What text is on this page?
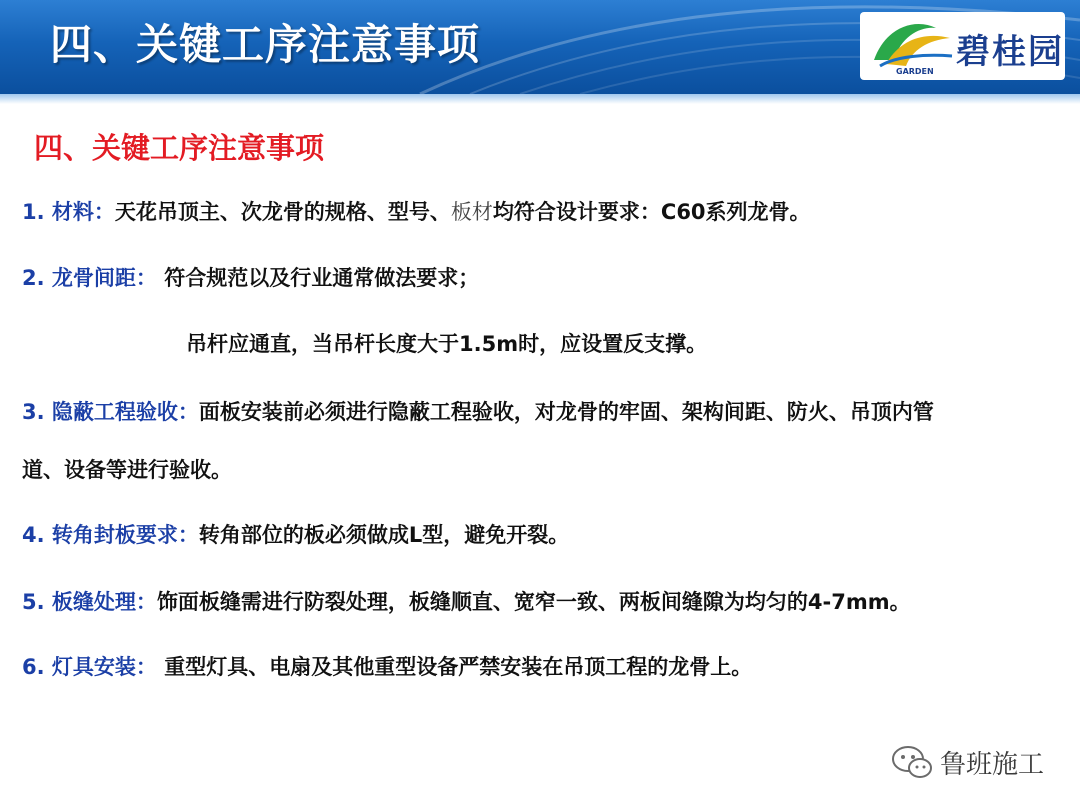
四、关键工序注意事项
GARDEN 碧桂园
四、关键工序注意事项
1. 材料：天花吊顶主、次龙骨的规格、型号、板材均符合设计要求：C60系列龙骨。
2. 龙骨间距： 符合规范以及行业通常做法要求；
吊杆应通直，当吊杆长度大于1.5m时，应设置反支撑。
3. 隐蔽工程验收：面板安装前必须进行隐蔽工程验收，对龙骨的牢固、架构间距、防火、吊顶内管
道、设备等进行验收。
4. 转角封板要求：转角部位的板必须做成L型，避免开裂。
5. 板缝处理：饰面板缝需进行防裂处理，板缝顺直、宽窄一致、两板间缝隙为均匀的4-7mm。
6. 灯具安装： 重型灯具、电扇及其他重型设备严禁安装在吊顶工程的龙骨上。
鲁班施工
